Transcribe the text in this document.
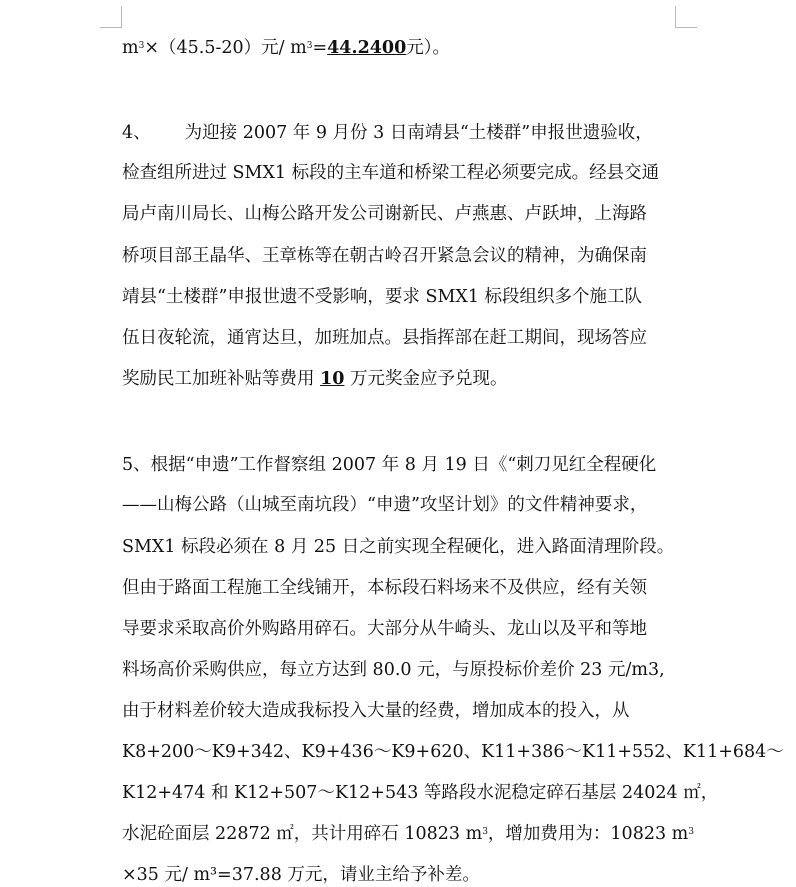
$m^3\times(45.5-20)$元/ $m^3=44.2400$元）。
4、 为迎接 2007 年 9 月份 3 日南靖县“土楼群”申报世遗验收，
检查组所进过 SMX1 标段的主车道和桥梁工程必须要完成。经县交通
局卢南川局长、山梅公路开发公司谢新民、卢燕惠、卢跃坤，上海路
桥项目部王晶华、王章栋等在朝古岭召开紧急会议的精神，为确保南
靖县“土楼群”申报世遗不受影响，要求 SMX1 标段组织多个施工队
伍日夜轮流，通宵达旦，加班加点。县指挥部在赶工期间，现场答应
奖励民工加班补贴等费用 10 万元奖金应予兑现。
5、根据“申遗”工作督察组 2007 年 8 月 19 日《“刺刀见红全程硬化
——山梅公路（山城至南坑段）“申遗”攻坚计划》的文件精神要求，
SMX1 标段必须在 8 月 25 日之前实现全程硬化，进入路面清理阶段。
但由于路面工程施工全线铺开，本标段石料场来不及供应，经有关领
导要求采取高价外购路用碎石。大部分从牛崎头、龙山以及平和等地
料场高价采购供应，每立方达到 80.0 元，与原投标价差价 23 元/m3,
由于材料差价较大造成我标投入大量的经费，增加成本的投入，从
K8+200～K9+342、K9+436～K9+620、K11+386～K11+552、K11+684～
K12+474 和 K12+507～K12+543 等路段水泥稳定碎石基层 24024 ㎡，
水泥砼面层 22872 ㎡，共计用碎石 10823 $m^3$，增加费用为：10823 $m^3$
×35 元/ m³=37.88 万元，请业主给予补差。
